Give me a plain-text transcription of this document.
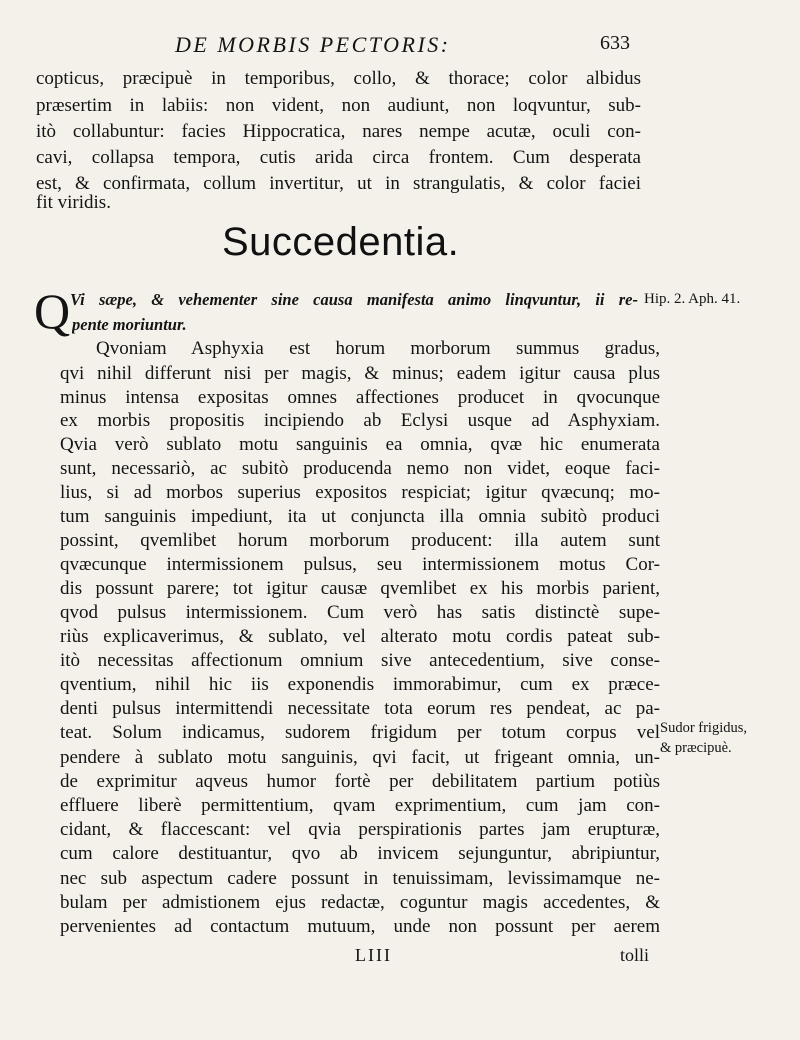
DE MORBIS PECTORIS:	633
copticus, præcipuè in temporibus, collo, & thorace; color albidus
præsertim in labiis: non vident, non audiunt, non loqvuntur, sub-
itò collabuntur: facies Hippocratica, nares nempe acutæ, oculi con-
cavi, collapsa tempora, cutis arida circa frontem. Cum desperata
est, & confirmata, collum invertitur, ut in strangulatis, & color faciei
fit viridis.
Succedentia.
Q Vi sæpe, & vehementer sine causa manifesta animo linqvuntur, ii re-
pente moriuntur.
Hip. 2. Aph. 41.
Qvoniam Asphyxia est horum morborum summus gradus,
qvi nihil differunt nisi per magis, & minus; eadem igitur causa plus
minus intensa expositas omnes affectiones producet in qvocunque
ex morbis propositis incipiendo ab Eclysi usque ad Asphyxiam.
Qvia verò sublato motu sanguinis ea omnia, qvæ hic enumerata
sunt, necessariò, ac subitò producenda nemo non videt, eoque faci-
lius, si ad morbos superius expositos respiciat; igitur qvæcunq; mo-
tum sanguinis impediunt, ita ut conjuncta illa omnia subitò produci
possint, qvemlibet horum morborum producent: illa autem sunt
qvæcunque intermissionem pulsus, seu intermissionem motus Cor-
dis possunt parere; tot igitur causæ qvemlibet ex his morbis parient,
qvod pulsus intermissionem. Cum verò has satis distinctè supe-
riùs explicaverimus, & sublato, vel alterato motu cordis pateat sub-
itò necessitas affectionum omnium sive antecedentium, sive conse-
qventium, nihil hic iis exponendis immorabimur, cum ex præce-
denti pulsus intermittendi necessitate tota eorum res pendeat, ac pa-
teat. Solum indicamus, sudorem frigidum per totum corpus vel
pendere à sublato motu sanguinis, qvi facit, ut frigeant omnia, un-
de exprimitur aqveus humor fortè per debilitatem partium potiùs
effluere liberè permittentium, qvam exprimentium, cum jam con-
cidant, & flaccescant: vel qvia perspirationis partes jam erupturæ,
cum calore destituantur, qvo ab invicem sejunguntur, abripiuntur,
nec sub aspectum cadere possunt in tenuissimam, levissimamque ne-
bulam per admistionem ejus redactæ, coguntur magis accedentes, &
pervenientes ad contactum mutuum, unde non possunt per aerem
Sudor frigidus,
& præcipuè.
LIII	tolli
